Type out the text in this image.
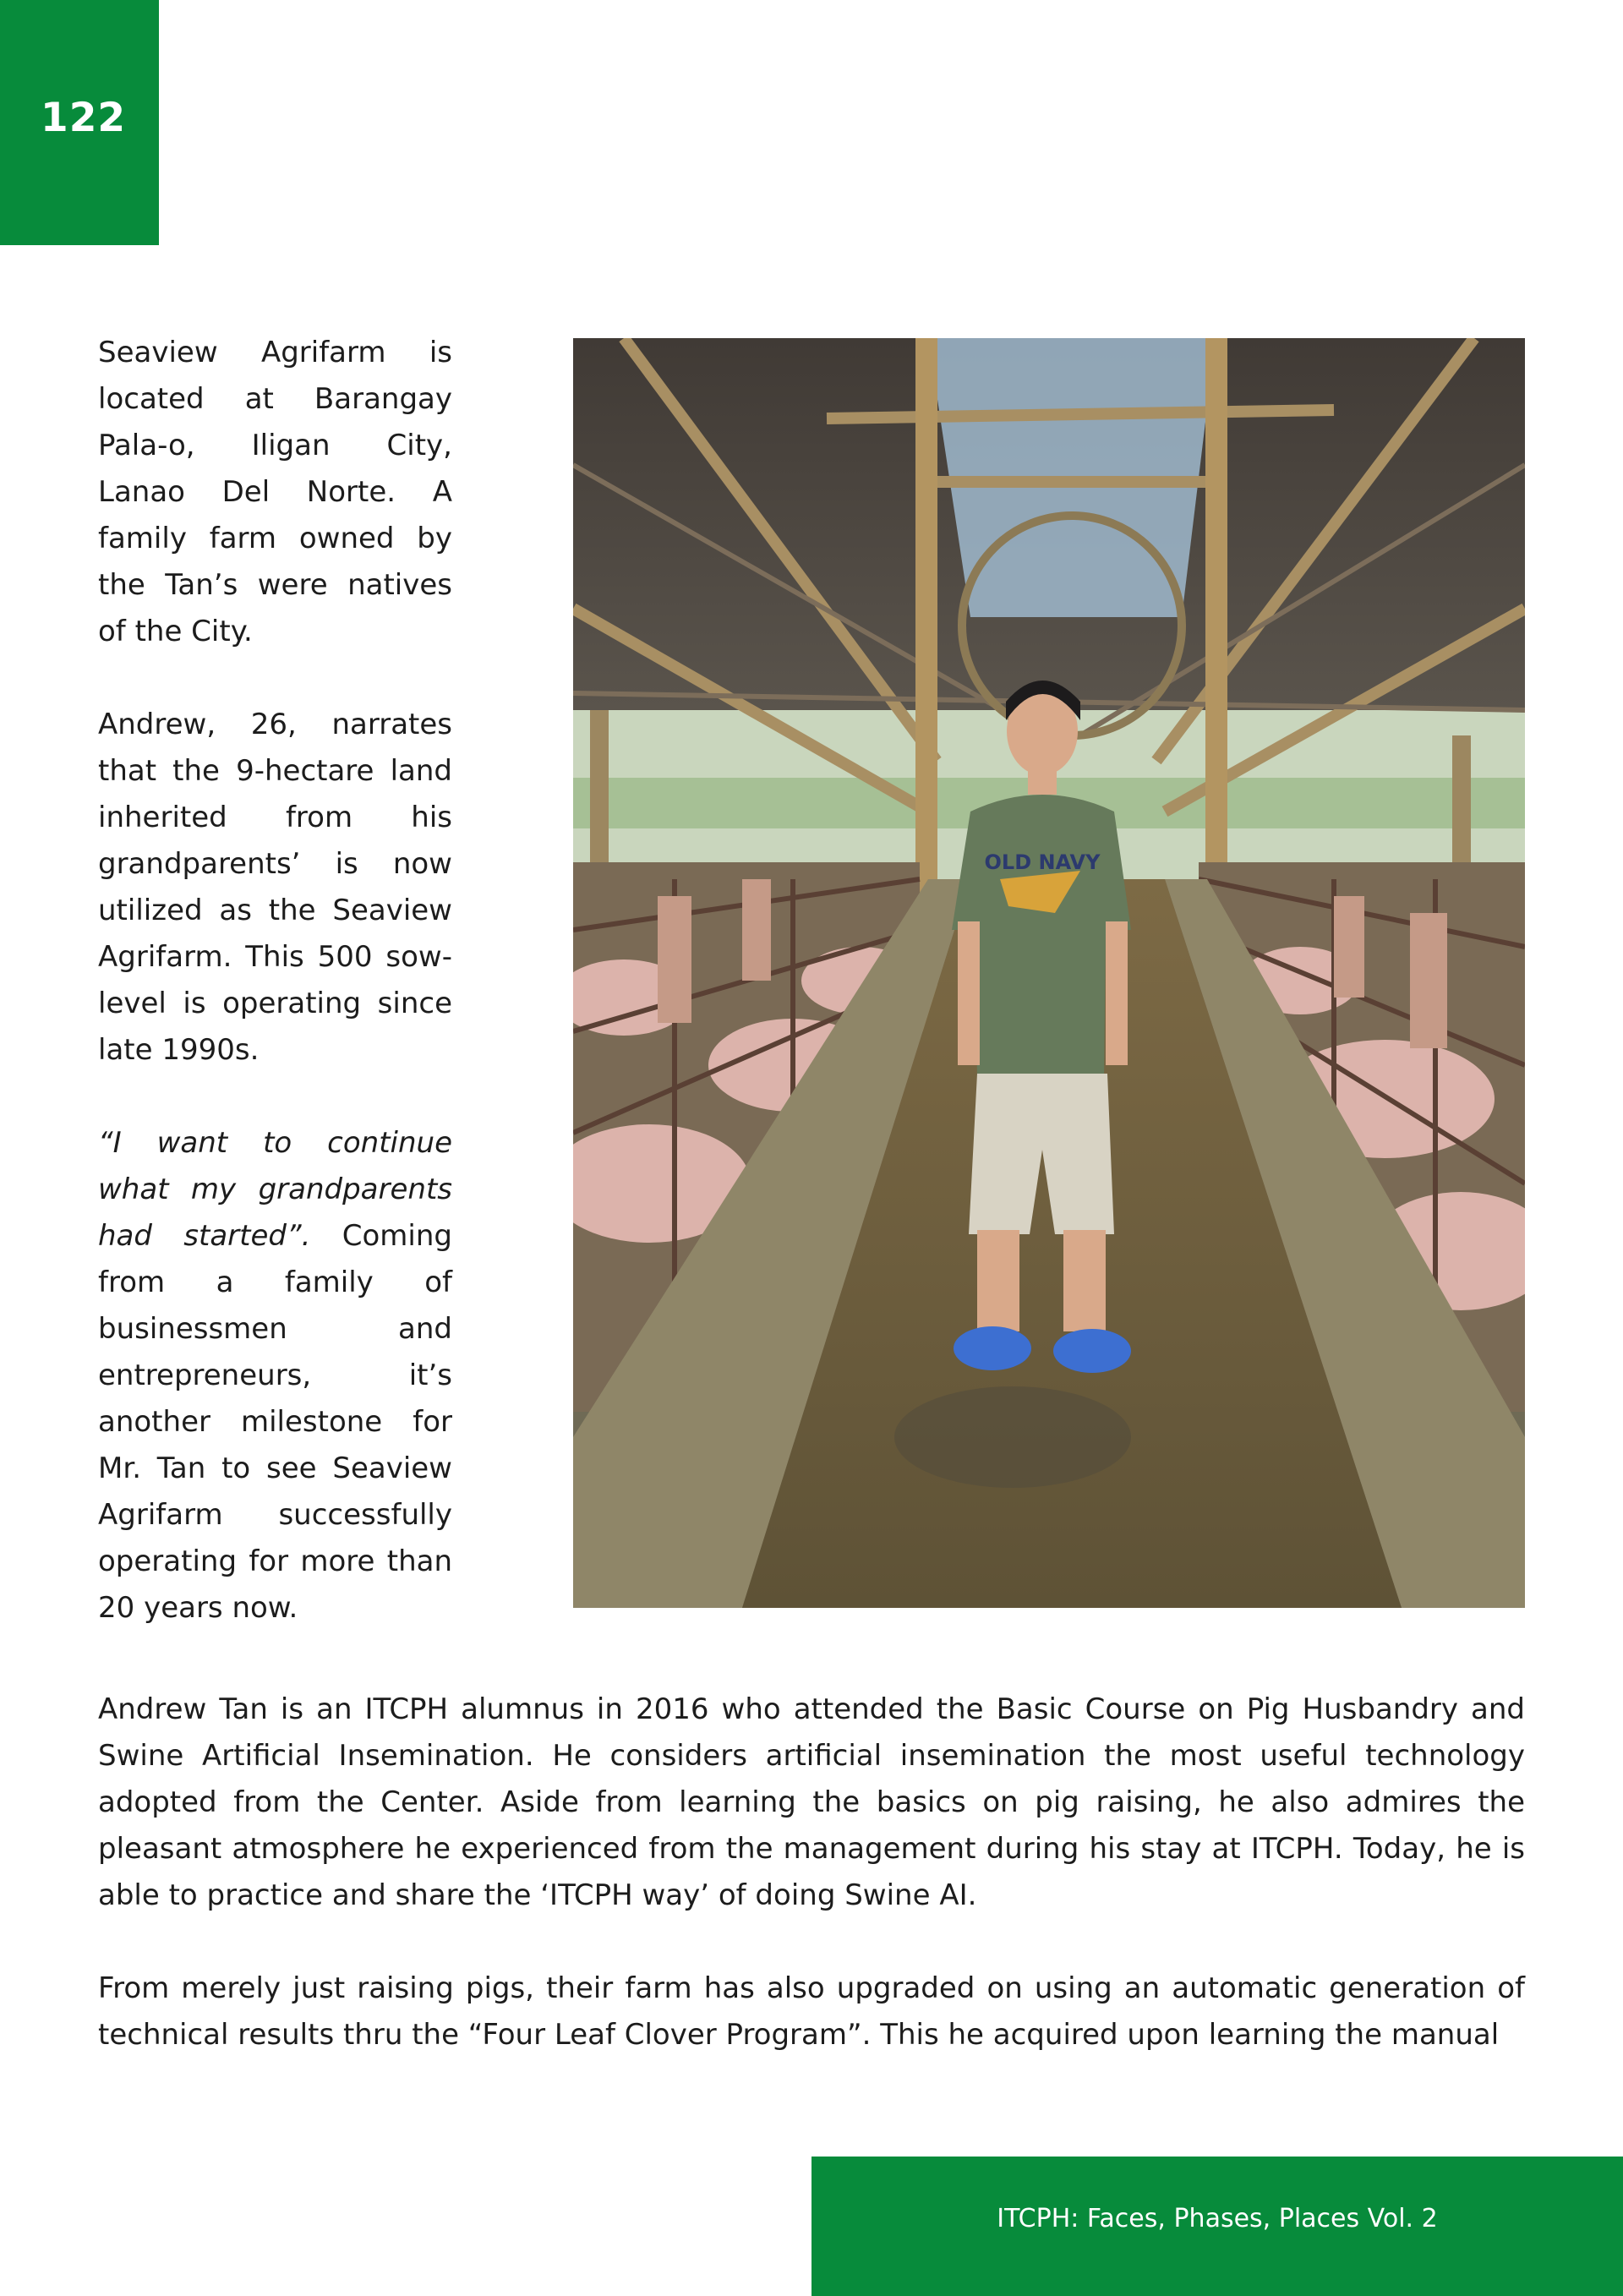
122

Seaview Agrifarm is located at Barangay Pala-o, Iligan City, Lanao Del Norte. A family farm owned by the Tan’s were natives of the City.

Andrew, 26, narrates that the 9-hectare land inherited from his grandparents’ is now utilized as the Seaview Agrifarm. This 500 sow-level is operating since late 1990s.

“I want to continue what my grandparents had started”. Coming from a family of businessmen and entrepreneurs, it’s another milestone for Mr. Tan to see Seaview Agrifarm successfully operating for more than 20 years now.

OLD NAVY

Andrew Tan is an ITCPH alumnus in 2016 who attended the Basic Course on Pig Husbandry and Swine Artificial Insemination. He considers artificial insemination the most useful technology adopted from the Center. Aside from learning the basics on pig raising, he also admires the pleasant atmosphere he experienced from the management during his stay at ITCPH. Today, he is able to practice and share the ‘ITCPH way’ of doing Swine AI.

From merely just raising pigs, their farm has also upgraded on using an automatic generation of technical results thru the “Four Leaf Clover Program”. This he acquired upon learning the manual

ITCPH: Faces, Phases, Places Vol. 2
